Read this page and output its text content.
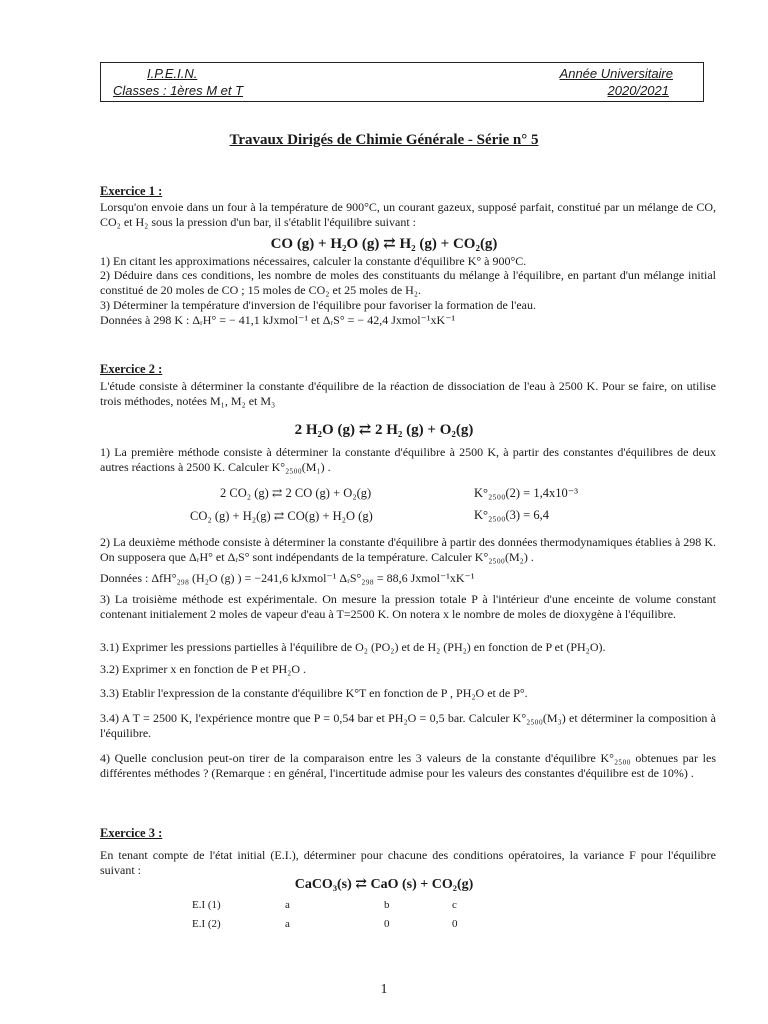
I.P.E.I.N.
Classes : 1ères M et T
Année Universitaire
2020/2021
Travaux Dirigés de Chimie Générale - Série n° 5
Exercice 1 :
Lorsqu'on envoie dans un four à la température de 900°C, un courant gazeux, supposé parfait, constitué par un mélange de CO, CO₂ et H₂ sous la pression d'un bar, il s'établit l'équilibre suivant :
CO (g) + H₂O (g) ⇄ H₂ (g) + CO₂(g)
1) En citant les approximations nécessaires, calculer la constante d'équilibre K° à 900°C.
2) Déduire dans ces conditions, les nombre de moles des constituants du mélange à l'équilibre, en partant d'un mélange initial constitué de 20 moles de CO ; 15 moles de CO₂ et 25 moles de H₂.
3) Déterminer la température d'inversion de l'équilibre pour favoriser la formation de l'eau.
Données à 298 K : ΔᵣH° = − 41,1 kJxmol⁻¹ et ΔᵣS° = − 42,4 Jxmol⁻¹xK⁻¹
Exercice 2 :
L'étude consiste à déterminer la constante d'équilibre de la réaction de dissociation de l'eau à 2500 K. Pour se faire, on utilise trois méthodes, notées M₁, M₂ et M₃
2 H₂O (g) ⇄ 2 H₂ (g) + O₂(g)
1) La première méthode consiste à déterminer la constante d'équilibre à 2500 K, à partir des constantes d'équilibres de deux autres réactions à 2500 K. Calculer K°₂₅₀₀(M₁) .
2 CO₂ (g) ⇄ 2 CO (g) + O₂(g)	K°₂₅₀₀(2) = 1,4x10⁻³
CO₂ (g) + H₂(g) ⇄ CO(g) + H₂O (g)	K°₂₅₀₀(3) = 6,4
2) La deuxième méthode consiste à déterminer la constante d'équilibre à partir des données thermodynamiques établies à 298 K. On supposera que ΔᵣH° et ΔᵣS° sont indépendants de la température. Calculer K°₂₅₀₀(M₂) .
Données : ΔfH°₂₉₈ (H₂O (g) ) = −241,6 kJxmol⁻¹ ΔᵣS°₂₉₈ = 88,6 Jxmol⁻¹xK⁻¹
3) La troisième méthode est expérimentale. On mesure la pression totale P à l'intérieur d'une enceinte de volume constant contenant initialement 2 moles de vapeur d'eau à T=2500 K. On notera x le nombre de moles de dioxygène à l'équilibre.
3.1) Exprimer les pressions partielles à l'équilibre de O₂ (PO₂) et de H₂ (PH₂) en fonction de P et (PH₂O).
3.2) Exprimer x en fonction de P et PH₂O .
3.3) Etablir l'expression de la constante d'équilibre K°T en fonction de P , PH₂O et de P°.
3.4) A T = 2500 K, l'expérience montre que P = 0,54 bar et PH₂O = 0,5 bar. Calculer K°₂₅₀₀(M₃) et déterminer la composition à l'équilibre.
4) Quelle conclusion peut-on tirer de la comparaison entre les 3 valeurs de la constante d'équilibre K°₂₅₀₀ obtenues par les différentes méthodes ? (Remarque : en général, l'incertitude admise pour les valeurs des constantes d'équilibre est de 10%) .
Exercice 3 :
En tenant compte de l'état initial (E.I.), déterminer pour chacune des conditions opératoires, la variance F pour l'équilibre suivant :
CaCO₃(s) ⇄ CaO (s) + CO₂(g)
E.I (1)	a	b	c
E.I (2)	a	0	0
1
